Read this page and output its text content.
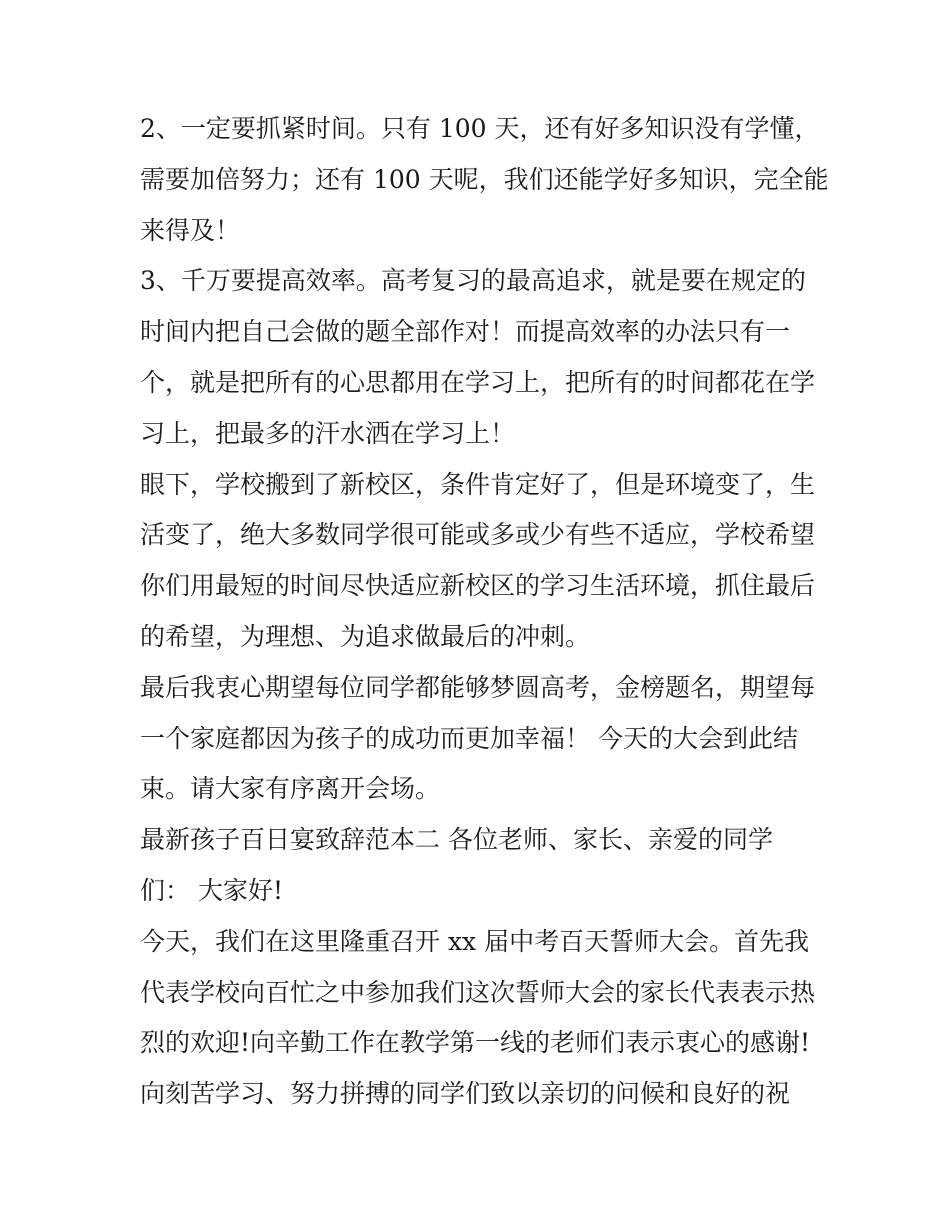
2、一定要抓紧时间。只有 100 天，还有好多知识没有学懂，
需要加倍努力；还有 100 天呢，我们还能学好多知识，完全能
来得及！
3、千万要提高效率。高考复习的最高追求，就是要在规定的
时间内把自己会做的题全部作对！而提高效率的办法只有一
个，就是把所有的心思都用在学习上，把所有的时间都花在学
习上，把最多的汗水洒在学习上！
眼下，学校搬到了新校区，条件肯定好了，但是环境变了，生
活变了，绝大多数同学很可能或多或少有些不适应，学校希望
你们用最短的时间尽快适应新校区的学习生活环境，抓住最后
的希望，为理想、为追求做最后的冲刺。
最后我衷心期望每位同学都能够梦圆高考，金榜题名，期望每
一个家庭都因为孩子的成功而更加幸福！ 今天的大会到此结
束。请大家有序离开会场。
最新孩子百日宴致辞范本二 各位老师、家长、亲爱的同学
们： 大家好!
今天，我们在这里隆重召开 xx 届中考百天誓师大会。首先我
代表学校向百忙之中参加我们这次誓师大会的家长代表表示热
烈的欢迎!向辛勤工作在教学第一线的老师们表示衷心的感谢!
向刻苦学习、努力拼搏的同学们致以亲切的问候和良好的祝
